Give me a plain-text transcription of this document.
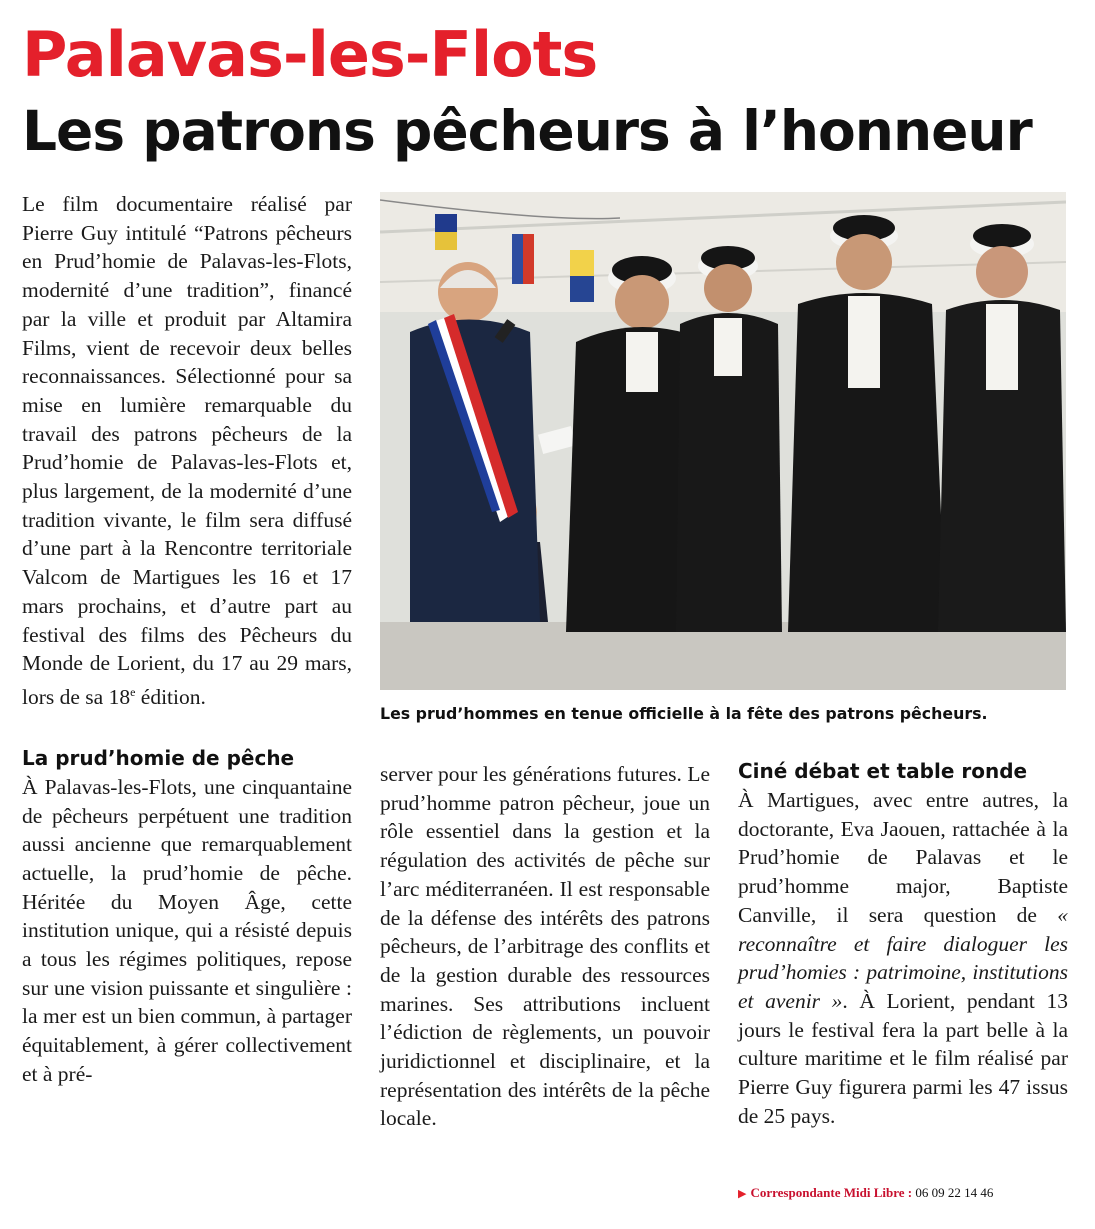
Palavas-les-Flots
Les patrons pêcheurs à l’honneur

Le film documentaire réalisé par Pierre Guy intitulé “Patrons pêcheurs en Prud’homie de Palavas-les-Flots, modernité d’une tradition”, financé par la ville et produit par Altamira Films, vient de recevoir deux belles reconnaissances. Sélectionné pour sa mise en lumière remarquable du travail des patrons pêcheurs de la Prud’homie de Palavas-les-Flots et, plus largement, de la modernité d’une tradition vivante, le film sera diffusé d’une part à la Rencontre territoriale Valcom de Martigues les 16 et 17 mars prochains, et d’autre part au festival des films des Pêcheurs du Monde de Lorient, du 17 au 29 mars, lors de sa 18e édition.

La prud’homie de pêche

À Palavas-les-Flots, une cinquantaine de pêcheurs perpétuent une tradition aussi ancienne que remarquablement actuelle, la prud’homie de pêche. Héritée du Moyen Âge, cette institution unique, qui a résisté depuis a tous les régimes politiques, repose sur une vision puissante et singulière : la mer est un bien commun, à partager équitablement, à gérer collectivement et à pré-

Les prud’hommes en tenue officielle à la fête des patrons pêcheurs.

server pour les générations futures. Le prud’homme patron pêcheur, joue un rôle essentiel dans la gestion et la régulation des activités de pêche sur l’arc méditerranéen. Il est responsable de la défense des intérêts des patrons pêcheurs, de l’arbitrage des conflits et de la gestion durable des ressources marines. Ses attributions incluent l’édiction de règlements, un pouvoir juridictionnel et disciplinaire, et la représentation des intérêts de la pêche locale.

Ciné débat et table ronde

À Martigues, avec entre autres, la doctorante, Eva Jaouen, rattachée à la Prud’homie de Palavas et le prud’homme major, Baptiste Canville, il sera question de « reconnaître et faire dialoguer les prud’homies : patrimoine, institutions et avenir ». À Lorient, pendant 13 jours le festival fera la part belle à la culture maritime et le film réalisé par Pierre Guy figurera parmi les 47 issus de 25 pays.

▶ Correspondante Midi Libre : 06 09 22 14 46
